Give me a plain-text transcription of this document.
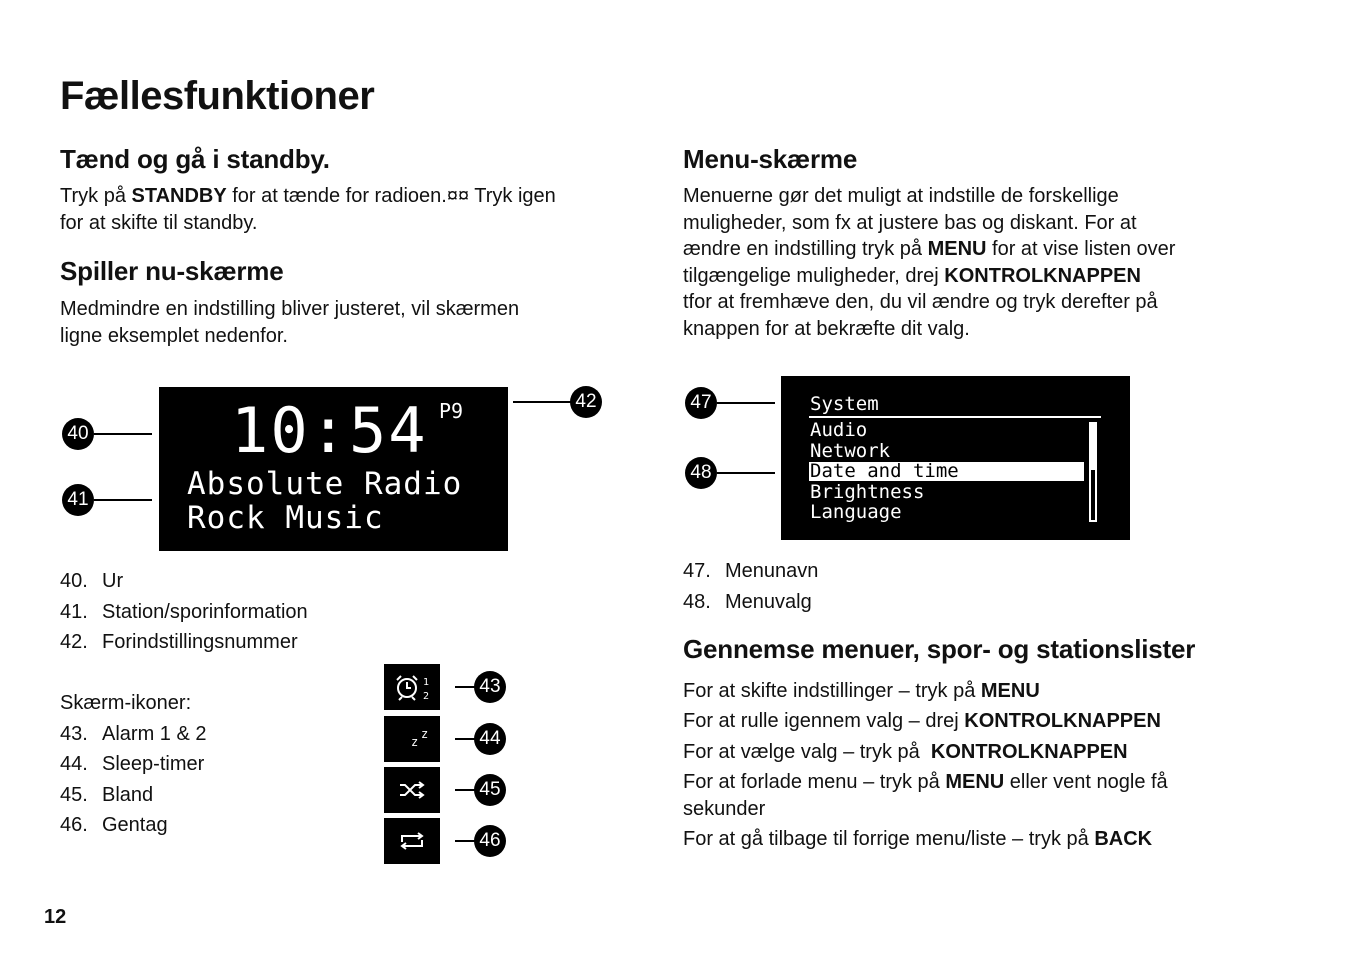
Fællesfunktioner
Tænd og gå i standby.

Tryk på STANDBY for at tænde for radioen.¤¤ Tryk igen
for at skifte til standby.

Spiller nu-skærme

Medmindre en indstilling bliver justeret, vil skærmen
ligne eksemplet nedenfor.

10:54 P9
Absolute Radio
Rock Music
40
41
42
40. Ur
41. Station/sporinformation
42. Forindstillingsnummer
Skærm-ikoner:
43. Alarm 1 & 2
44. Sleep-timer
45. Bland
46. Gentag
1
2
z
z
43
44
45
46
Menu-skærme

Menuerne gør det muligt at indstille de forskellige
muligheder, som fx at justere bas og diskant. For at
ændre en indstilling tryk på MENU for at vise listen over
tilgængelige muligheder, drej KONTROLKNAPPEN
tfor at fremhæve den, du vil ændre og tryk derefter på
knappen for at bekræfte dit valg.

System
Audio
Network
Date and time
Brightness
Language
47
48
47. Menunavn
48. Menuvalg
Gennemse menuer, spor- og stationslister

For at skifte indstillinger – tryk på MENU

For at rulle igennem valg – drej KONTROLKNAPPEN

For at vælge valg – tryk på  KONTROLKNAPPEN

For at forlade menu – tryk på MENU eller vent nogle få
sekunder

For at gå tilbage til forrige menu/liste – tryk på BACK

12
